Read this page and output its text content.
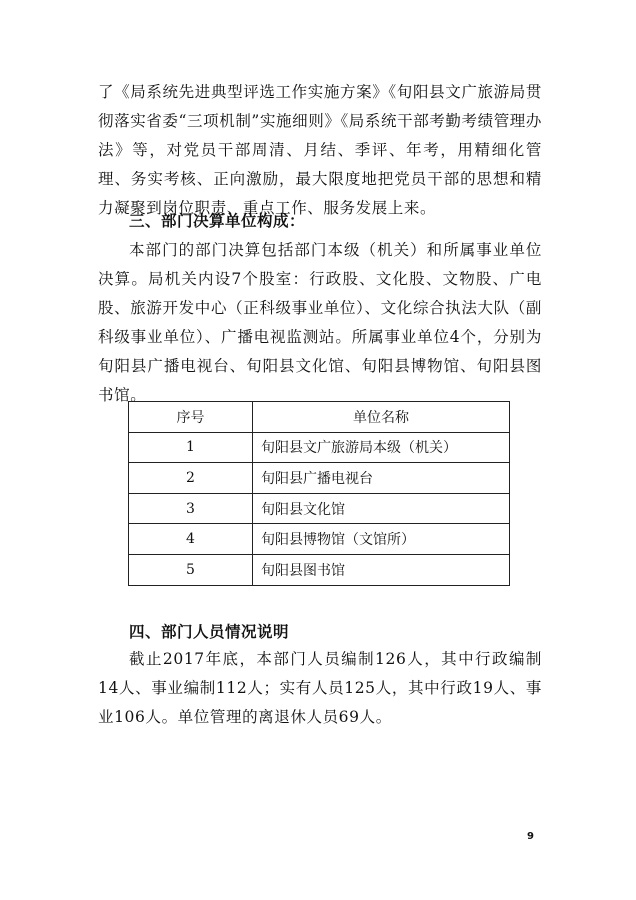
了《局系统先进典型评选工作实施方案》《旬阳县文广旅游局贯彻落实省委“三项机制”实施细则》《局系统干部考勤考绩管理办法》等，对党员干部周清、月结、季评、年考，用精细化管理、务实考核、正向激励，最大限度地把党员干部的思想和精力凝聚到岗位职责、重点工作、服务发展上来。

三、部门决算单位构成：

本部门的部门决算包括部门本级（机关）和所属事业单位决算。局机关内设7个股室：行政股、文化股、文物股、广电股、旅游开发中心（正科级事业单位）、文化综合执法大队（副科级事业单位）、广播电视监测站。所属事业单位4个，分别为旬阳县广播电视台、旬阳县文化馆、旬阳县博物馆、旬阳县图书馆。

序号	单位名称
1	旬阳县文广旅游局本级（机关）
2	旬阳县广播电视台
3	旬阳县文化馆
4	旬阳县博物馆（文馆所）
5	旬阳县图书馆
四、部门人员情况说明

截止2017年底，本部门人员编制126人，其中行政编制14人、事业编制112人；实有人员125人，其中行政19人、事业106人。单位管理的离退休人员69人。

9
